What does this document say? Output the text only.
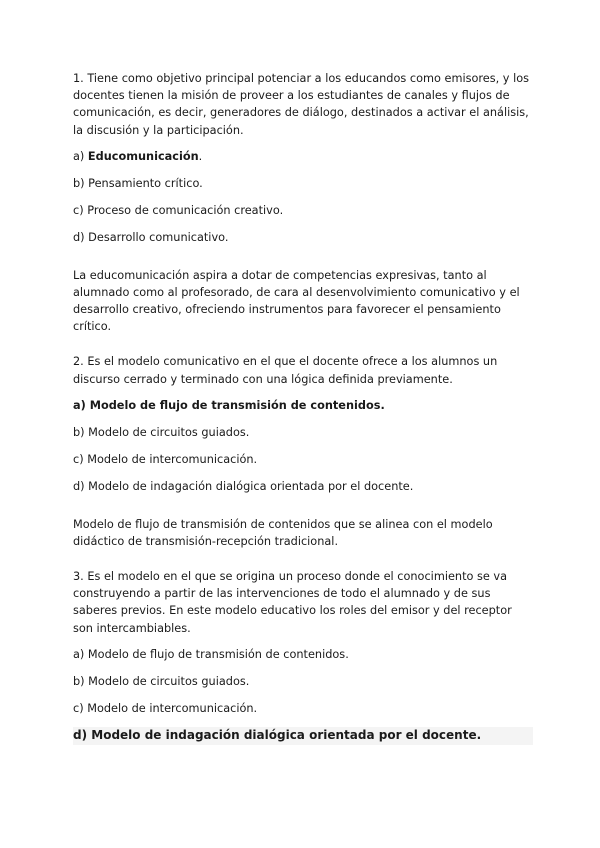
1. Tiene como objetivo principal potenciar a los educandos como emisores, y los docentes tienen la misión de proveer a los estudiantes de canales y flujos de comunicación, es decir, generadores de diálogo, destinados a activar el análisis, la discusión y la participación.

a) Educomunicación.

b) Pensamiento crítico.

c) Proceso de comunicación creativo.

d) Desarrollo comunicativo.

La educomunicación aspira a dotar de competencias expresivas, tanto al alumnado como al profesorado, de cara al desenvolvimiento comunicativo y el desarrollo creativo, ofreciendo instrumentos para favorecer el pensamiento crítico.

2. Es el modelo comunicativo en el que el docente ofrece a los alumnos un discurso cerrado y terminado con una lógica definida previamente.

a) Modelo de flujo de transmisión de contenidos.

b) Modelo de circuitos guiados.

c) Modelo de intercomunicación.

d) Modelo de indagación dialógica orientada por el docente.

Modelo de flujo de transmisión de contenidos que se alinea con el modelo didáctico de transmisión-recepción tradicional.

3. Es el modelo en el que se origina un proceso donde el conocimiento se va construyendo a partir de las intervenciones de todo el alumnado y de sus saberes previos. En este modelo educativo los roles del emisor y del receptor son intercambiables.

a) Modelo de flujo de transmisión de contenidos.

b) Modelo de circuitos guiados.

c) Modelo de intercomunicación.

d) Modelo de indagación dialógica orientada por el docente.
